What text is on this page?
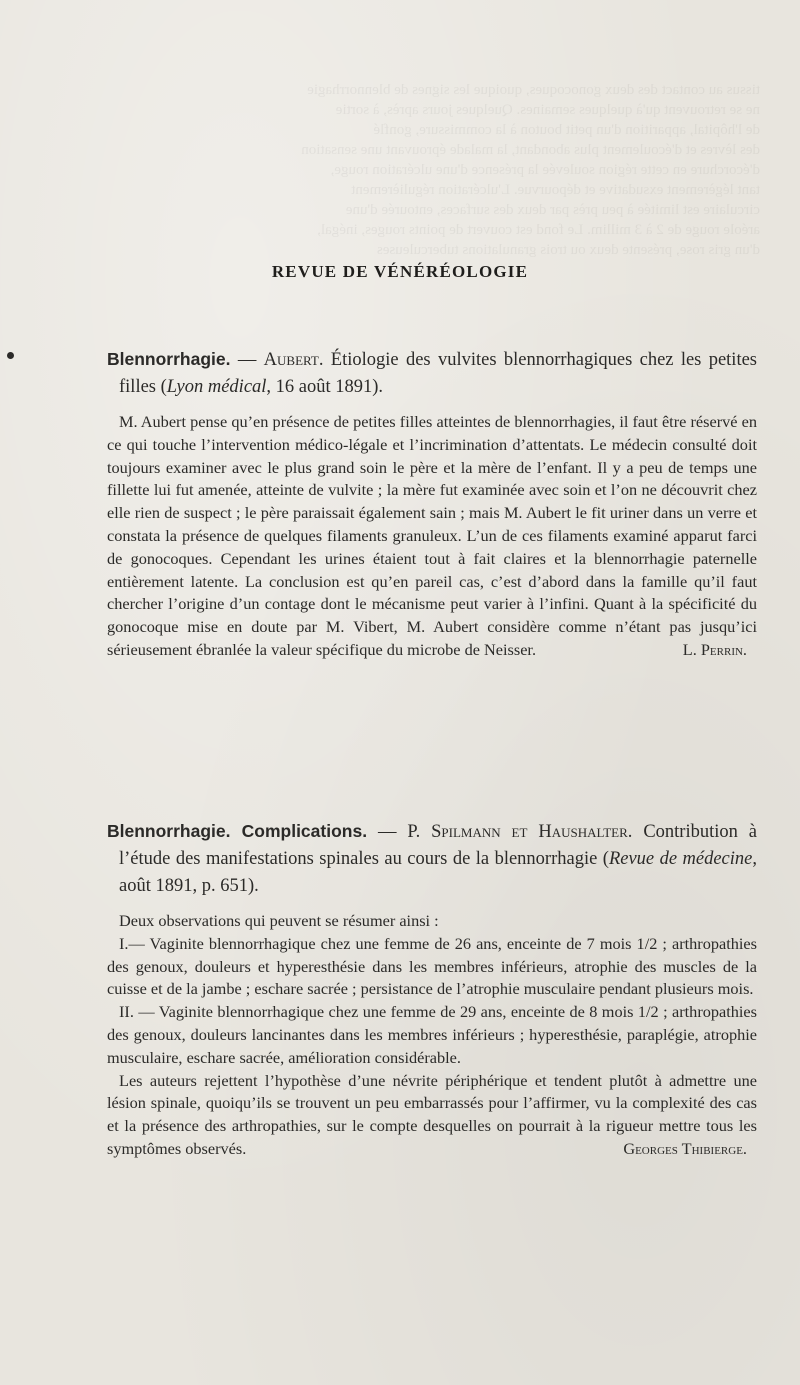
tissus au contact des deux gonocoques, quoique les signes de blennorrhagie
ne se retrouvent qu'à quelques semaines. Quelques jours après, à sortie
de l'hôpital, apparition d'un petit bouton à la commissure, gonflé
des lèvres et d'écoulement plus abondant, la malade éprouvant une sensation
d'écorchure en cette région soulevée la présence d'une ulcération rouge,
tant légèrement exsudative et dépourvue. L'ulcération régulièrement
circulaire est limitée à peu près par deux des surfaces, entourée d'une
aréole rouge de 2 à 3 millim. Le fond est couvert de points rouges, inégal,
d'un gris rose, présente deux ou trois granulations tuberculeuses
REVUE DE VÉNÉRÉOLOGIE
Blennorrhagie. — Aubert. Étiologie des vulvites blennorrhagiques chez les petites filles (Lyon médical, 16 août 1891).

M. Aubert pense qu’en présence de petites filles atteintes de blennorrhagies, il faut être réservé en ce qui touche l’intervention médico-légale et l’incrimination d’attentats. Le médecin consulté doit toujours examiner avec le plus grand soin le père et la mère de l’enfant. Il y a peu de temps une fillette lui fut amenée, atteinte de vulvite ; la mère fut examinée avec soin et l’on ne découvrit chez elle rien de suspect ; le père paraissait également sain ; mais M. Aubert le fit uriner dans un verre et constata la présence de quelques filaments granuleux. L’un de ces filaments examiné apparut farci de gonocoques. Cependant les urines étaient tout à fait claires et la blennorrhagie paternelle entièrement latente. La conclusion est qu’en pareil cas, c’est d’abord dans la famille qu’il faut chercher l’origine d’un contage dont le mécanisme peut varier à l’infini. Quant à la spécificité du gonocoque mise en doute par M. Vibert, M. Aubert considère comme n’étant pas jusqu’ici sérieusement ébranlée la valeur spécifique du microbe de Neisser.	L. Perrin.

Blennorrhagie. Complications. — P. Spilmann et Haushalter. Contribution à l’étude des manifestations spinales au cours de la blennorrhagie (Revue de médecine, août 1891, p. 651).

Deux observations qui peuvent se résumer ainsi :

I.— Vaginite blennorrhagique chez une femme de 26 ans, enceinte de 7 mois 1/2 ; arthropathies des genoux, douleurs et hyperesthésie dans les membres inférieurs, atrophie des muscles de la cuisse et de la jambe ; eschare sacrée ; persistance de l’atrophie musculaire pendant plusieurs mois.

II. — Vaginite blennorrhagique chez une femme de 29 ans, enceinte de 8 mois 1/2 ; arthropathies des genoux, douleurs lancinantes dans les membres inférieurs ; hyperesthésie, paraplégie, atrophie musculaire, eschare sacrée, amélioration considérable.

Les auteurs rejettent l’hypothèse d’une névrite périphérique et tendent plutôt à admettre une lésion spinale, quoiqu’ils se trouvent un peu embarrassés pour l’affirmer, vu la complexité des cas et la présence des arthropathies, sur le compte desquelles on pourrait à la rigueur mettre tous les symptômes observés.	Georges Thibierge.
